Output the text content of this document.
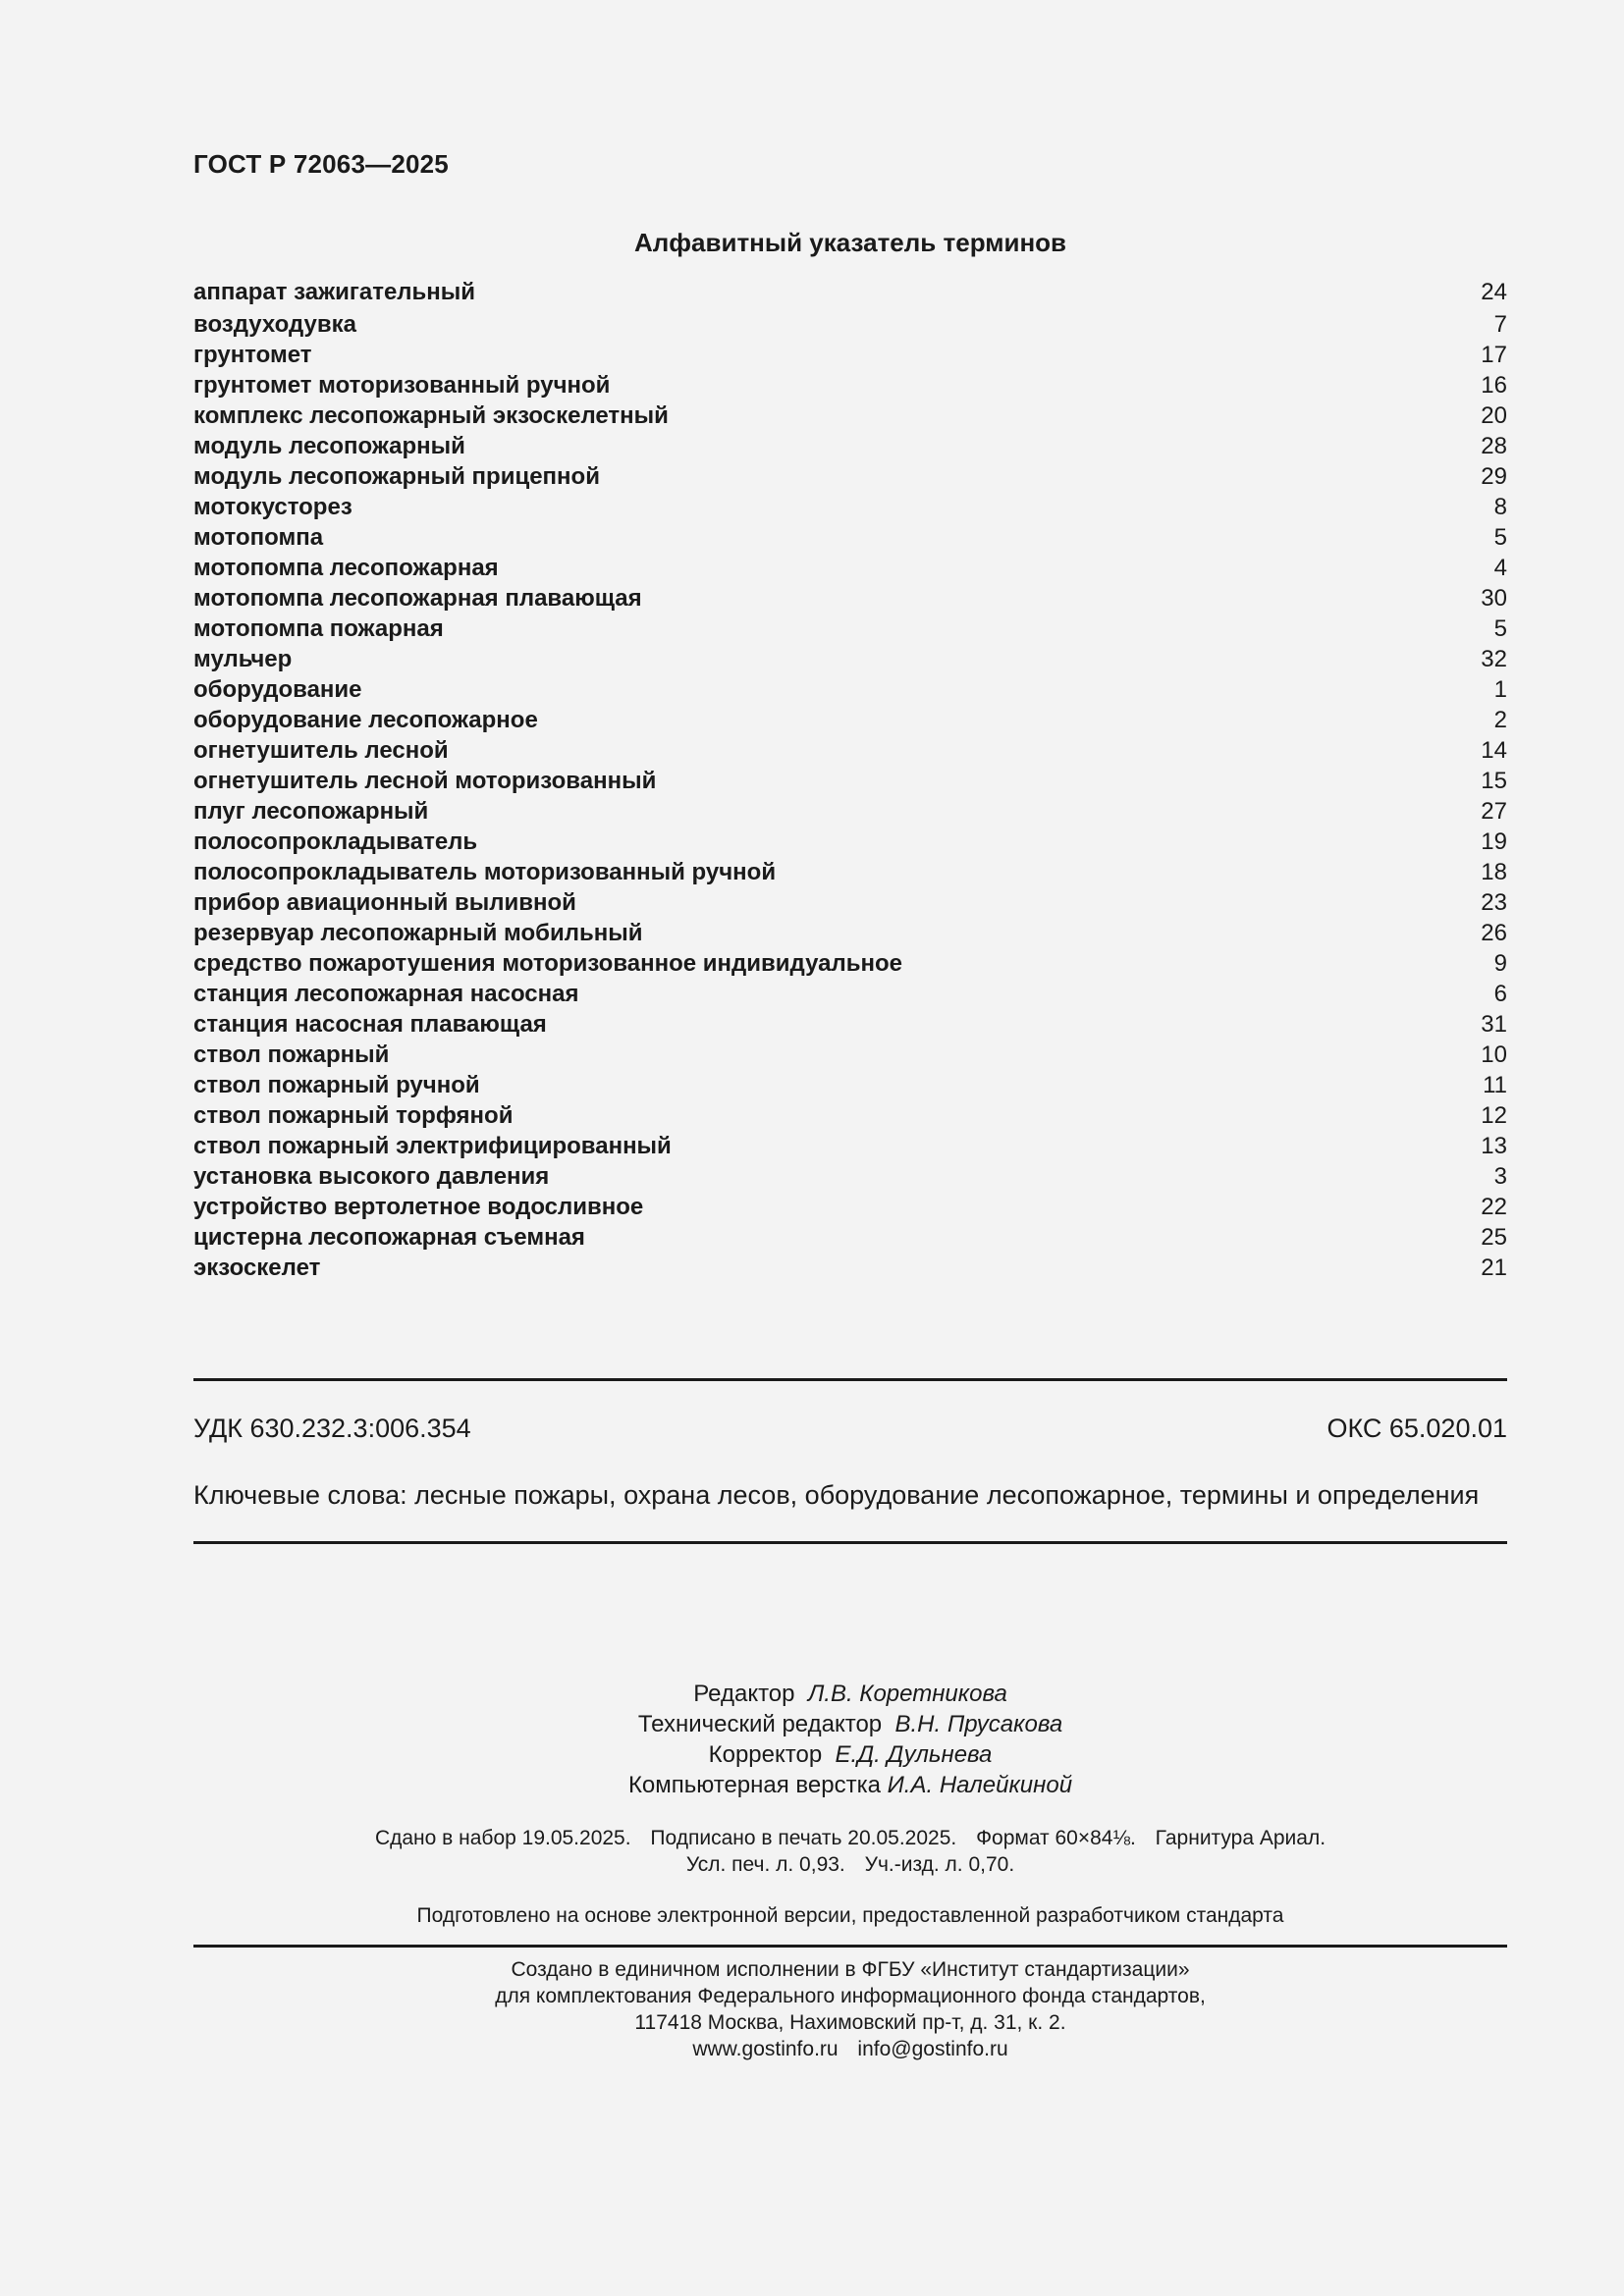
ГОСТ Р 72063—2025
Алфавитный указатель терминов
аппарат зажигательный	24
воздуходувка	7
грунтомет	17
грунтомет моторизованный ручной	16
комплекс лесопожарный экзоскелетный	20
модуль лесопожарный	28
модуль лесопожарный прицепной	29
мотокусторез	8
мотопомпа	5
мотопомпа лесопожарная	4
мотопомпа лесопожарная плавающая	30
мотопомпа пожарная	5
мульчер	32
оборудование	1
оборудование лесопожарное	2
огнетушитель лесной	14
огнетушитель лесной моторизованный	15
плуг лесопожарный	27
полосопрокладыватель	19
полосопрокладыватель моторизованный ручной	18
прибор авиационный выливной	23
резервуар лесопожарный мобильный	26
средство пожаротушения моторизованное индивидуальное	9
станция лесопожарная насосная	6
станция насосная плавающая	31
ствол пожарный	10
ствол пожарный ручной	11
ствол пожарный торфяной	12
ствол пожарный электрифицированный	13
установка высокого давления	3
устройство вертолетное водосливное	22
цистерна лесопожарная съемная	25
экзоскелет	21
УДК 630.232.3:006.354	ОКС 65.020.01
Ключевые слова: лесные пожары, охрана лесов, оборудование лесопожарное, термины и определения
Редактор Л.В. Коретникова
Технический редактор В.Н. Прусакова
Корректор Е.Д. Дульнева
Компьютерная верстка И.А. Налейкиной
Сдано в набор 19.05.2025. Подписано в печать 20.05.2025. Формат 60×84⅛. Гарнитура Ариал.
Усл. печ. л. 0,93. Уч.-изд. л. 0,70.
Подготовлено на основе электронной версии, предоставленной разработчиком стандарта
Создано в единичном исполнении в ФГБУ «Институт стандартизации»
для комплектования Федерального информационного фонда стандартов,
117418 Москва, Нахимовский пр-т, д. 31, к. 2.
www.gostinfo.ru info@gostinfo.ru
